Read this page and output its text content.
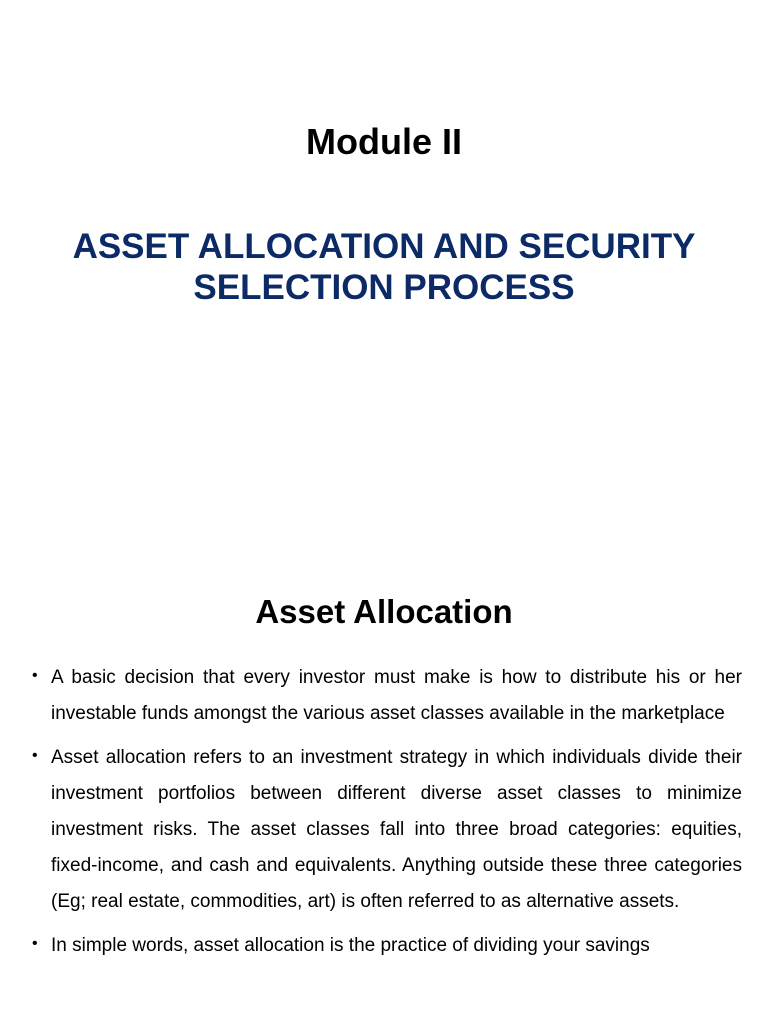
Module II
ASSET ALLOCATION AND SECURITY
SELECTION PROCESS
Asset Allocation
• A basic decision that every investor must make is how to distribute his or her investable funds amongst the various asset classes available in the marketplace
• Asset allocation refers to an investment strategy in which individuals divide their investment portfolios between different diverse asset classes to minimize investment risks. The asset classes fall into three broad categories: equities, fixed-income, and cash and equivalents. Anything outside these three categories (Eg; real estate, commodities, art) is often referred to as alternative assets.
• In simple words, asset allocation is the practice of dividing your savings
